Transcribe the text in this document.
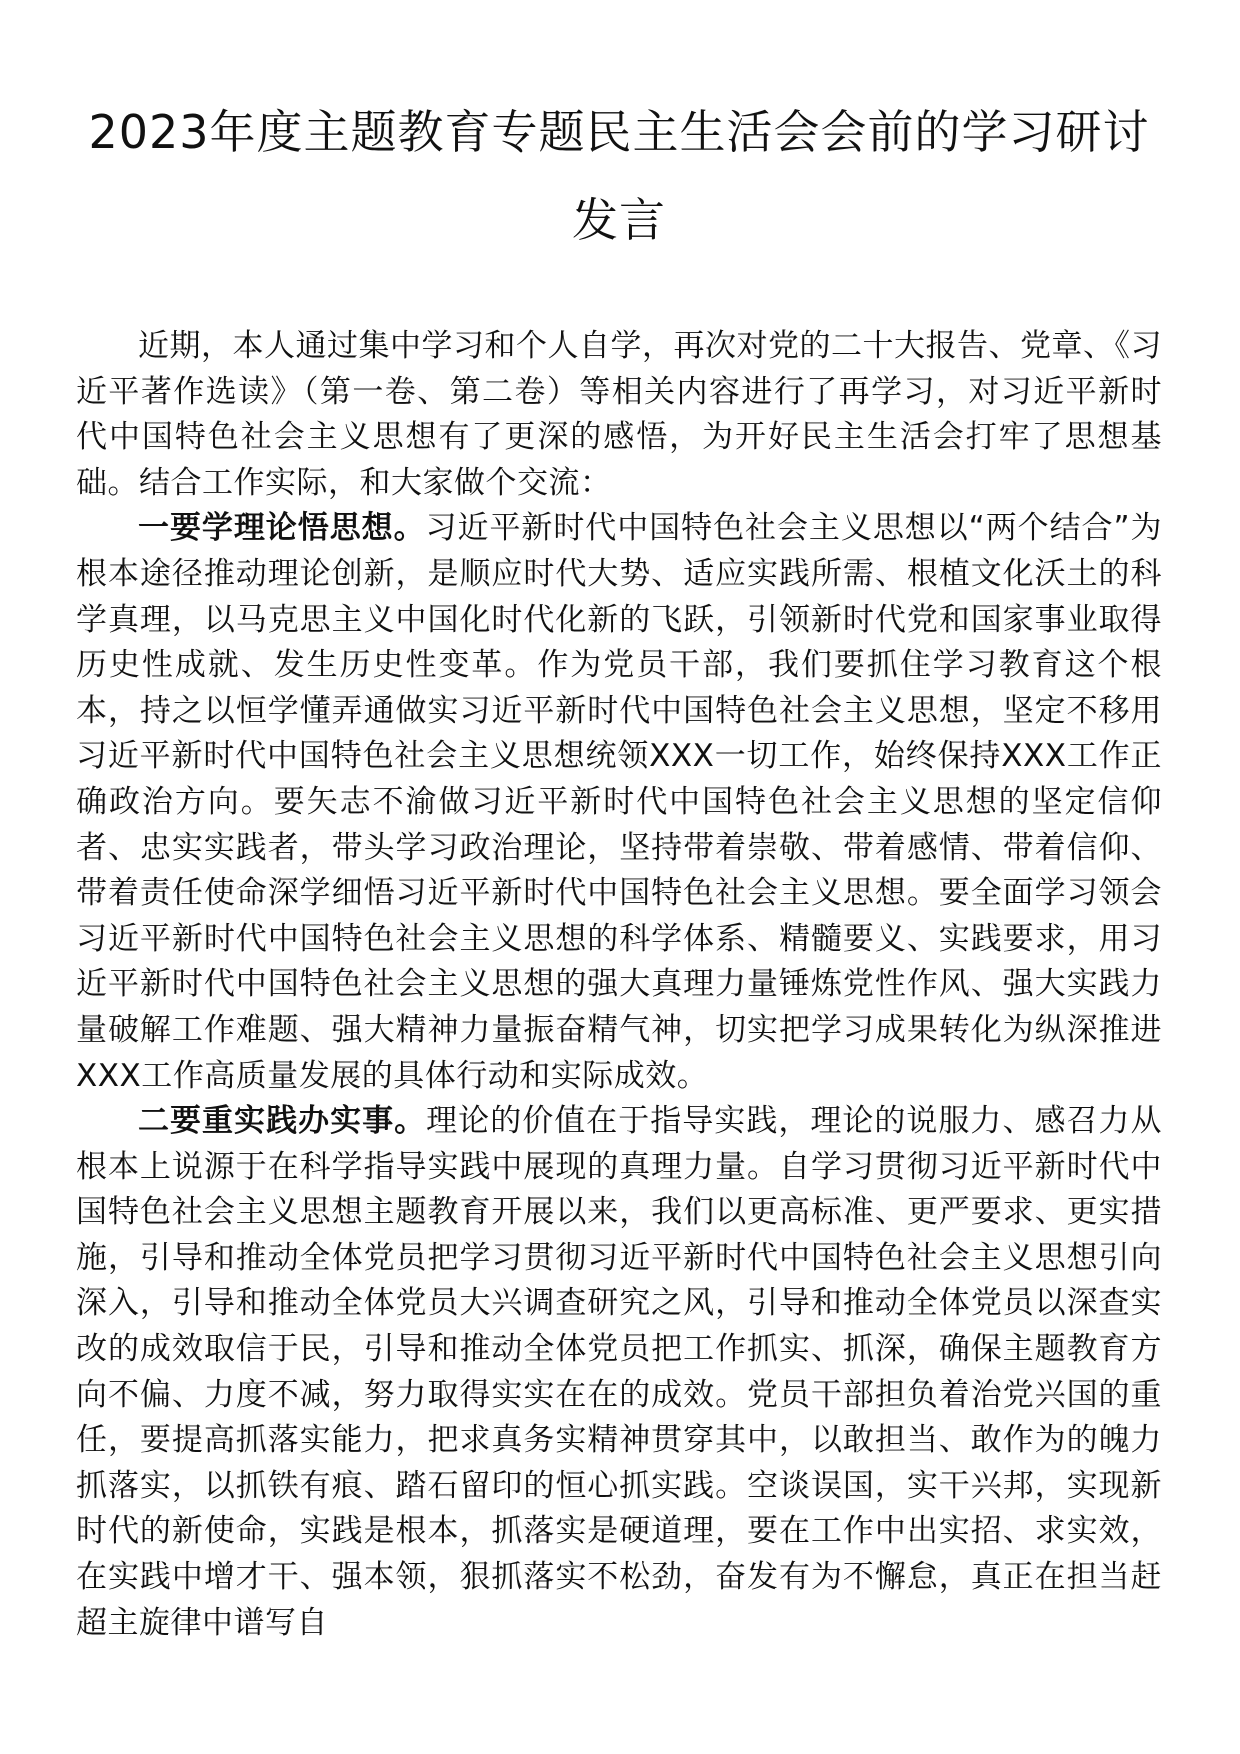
2023年度主题教育专题民主生活会会前的学习研讨发言

近期，本人通过集中学习和个人自学，再次对党的二十大报告、党章、《习近平著作选读》（第一卷、第二卷）等相关内容进行了再学习，对习近平新时代中国特色社会主义思想有了更深的感悟，为开好民主生活会打牢了思想基础。结合工作实际，和大家做个交流：

一要学理论悟思想。习近平新时代中国特色社会主义思想以“两个结合”为根本途径推动理论创新，是顺应时代大势、适应实践所需、根植文化沃土的科学真理，以马克思主义中国化时代化新的飞跃，引领新时代党和国家事业取得历史性成就、发生历史性变革。作为党员干部，我们要抓住学习教育这个根本，持之以恒学懂弄通做实习近平新时代中国特色社会主义思想，坚定不移用习近平新时代中国特色社会主义思想统领XXX一切工作，始终保持XXX工作正确政治方向。要矢志不渝做习近平新时代中国特色社会主义思想的坚定信仰者、忠实实践者，带头学习政治理论，坚持带着崇敬、带着感情、带着信仰、带着责任使命深学细悟习近平新时代中国特色社会主义思想。要全面学习领会习近平新时代中国特色社会主义思想的科学体系、精髓要义、实践要求，用习近平新时代中国特色社会主义思想的强大真理力量锤炼党性作风、强大实践力量破解工作难题、强大精神力量振奋精气神，切实把学习成果转化为纵深推进XXX工作高质量发展的具体行动和实际成效。

二要重实践办实事。理论的价值在于指导实践，理论的说服力、感召力从根本上说源于在科学指导实践中展现的真理力量。自学习贯彻习近平新时代中国特色社会主义思想主题教育开展以来，我们以更高标准、更严要求、更实措施，引导和推动全体党员把学习贯彻习近平新时代中国特色社会主义思想引向深入，引导和推动全体党员大兴调查研究之风，引导和推动全体党员以深查实改的成效取信于民，引导和推动全体党员把工作抓实、抓深，确保主题教育方向不偏、力度不减，努力取得实实在在的成效。党员干部担负着治党兴国的重任，要提高抓落实能力，把求真务实精神贯穿其中，以敢担当、敢作为的魄力抓落实，以抓铁有痕、踏石留印的恒心抓实践。空谈误国，实干兴邦，实现新时代的新使命，实践是根本，抓落实是硬道理，要在工作中出实招、求实效，在实践中增才干、强本领，狠抓落实不松劲，奋发有为不懈怠，真正在担当赶超主旋律中谱写自
